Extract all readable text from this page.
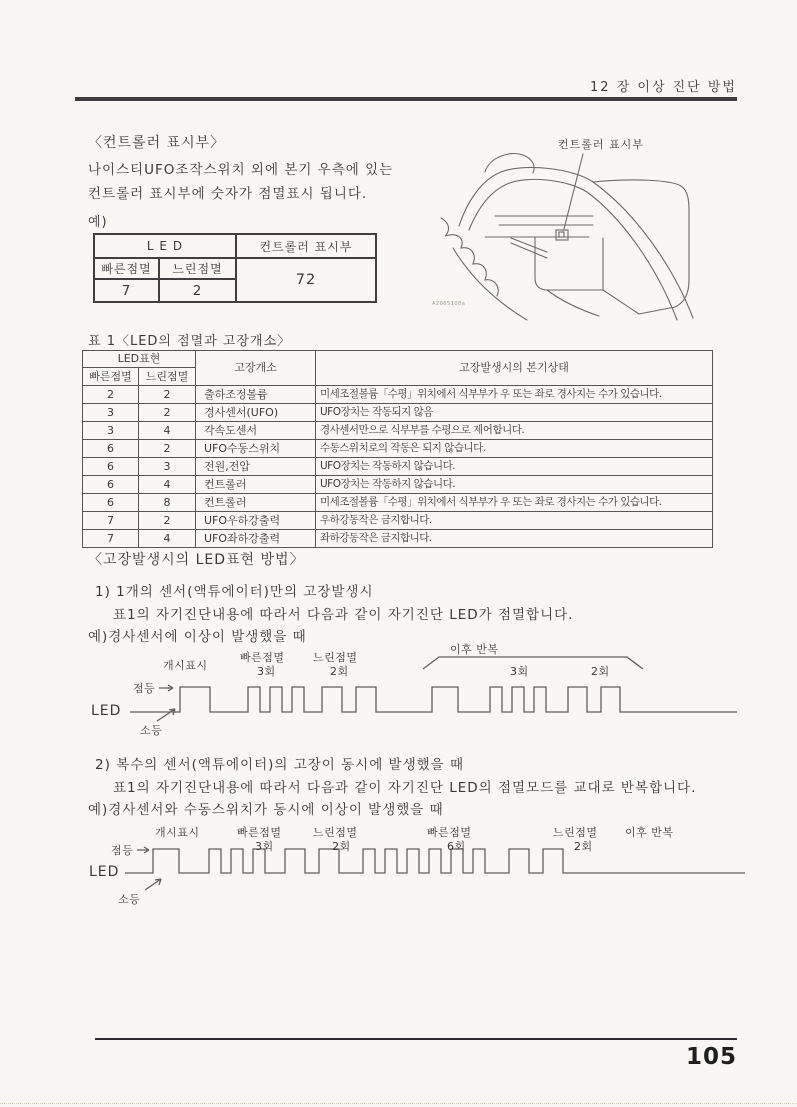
12 장 이상 진단 방법
〈컨트롤러 표시부〉
나이스티UFO조작스위치 외에 본기 우측에 있는
컨트롤러 표시부에 숫자가 점멸표시 됩니다.
컨트롤러 표시부
A2065108a
예)
L E D		컨트롤러 표시부
빠른점멸	느린점멸	72
7	2	
표 1〈LED의 점멸과 고장개소〉
LED표현		고장개소	고장발생시의 본기상태
빠른점멸	느린점멸		
2	2	출하조정볼륨	미세조절볼륨「수평」위치에서 식부부가 우 또는 좌로 경사지는 수가 있습니다.
3	2	경사센서(UFO)	UFO장치는 작동되지 않음
3	4	각속도센서	경사센서만으로 식부부를 수평으로 제어합니다.
6	2	UFO수동스위치	수동스위치로의 작동은 되지 않습니다.
6	3	전원,전압	UFO장치는 작동하지 않습니다.
6	4	컨트롤러	UFO장치는 작동하지 않습니다.
6	8	컨트롤러	미세조절볼륨「수평」위치에서 식부부가 우 또는 좌로 경사지는 수가 있습니다.
7	2	UFO우하강출력	우하강동작은 금지합니다.
7	4	UFO좌하강출력	좌하강동작은 금지합니다.
〈고장발생시의 LED표현 방법〉
1) 1개의 센서(액튜에이터)만의 고장발생시
표1의 자기진단내용에 따라서 다음과 같이 자기진단 LED가 점멸합니다.
예)경사센서에 이상이 발생했을 때
개시표시
빠른점멸
3회
느린점멸
2회
이후 반복
3회	2회
점등
LED
소등
2) 복수의 센서(액튜에이터)의 고장이 동시에 발생했을 때
표1의 자기진단내용에 따라서 다음과 같이 자기진단 LED의 점멸모드를 교대로 반복합니다.
예)경사센서와 수동스위치가 동시에 이상이 발생했을 때
개시표시	빠른점멸
3회
느린점멸
2회
빠른점멸
6회
느린점멸
2회
이후 반복
점등
LED
소등
105
